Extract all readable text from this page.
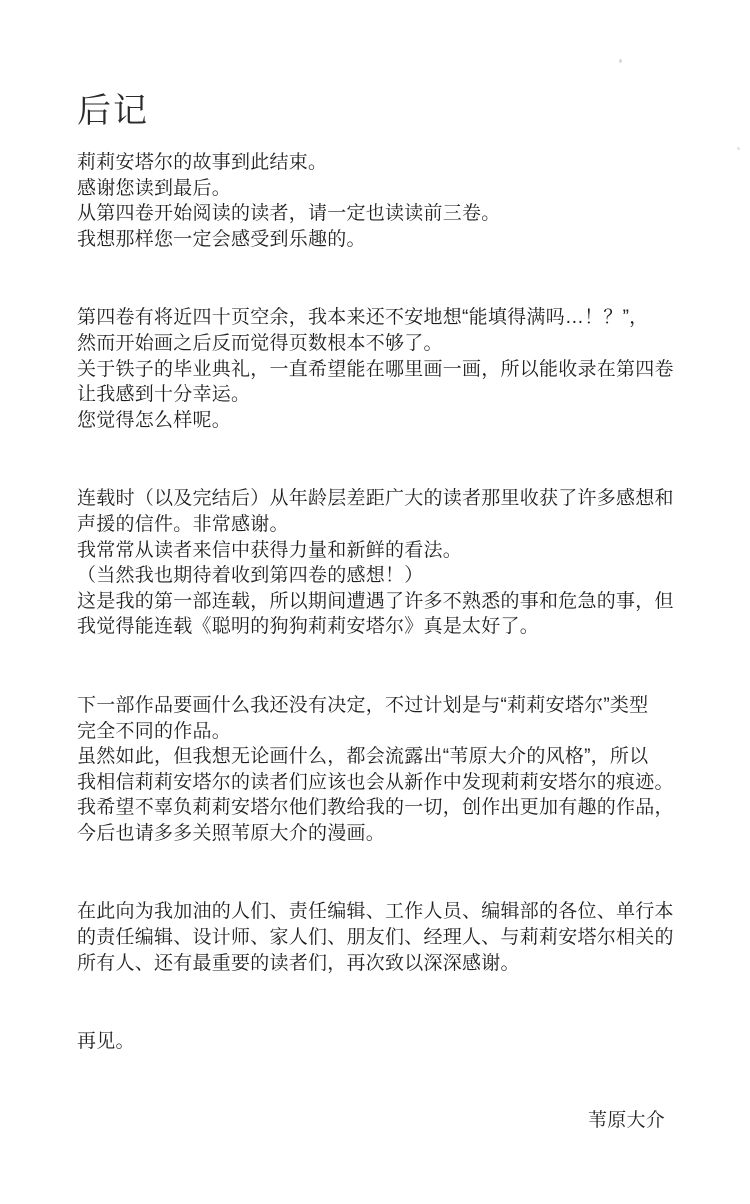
后记
莉莉安塔尔的故事到此结束。
感谢您读到最后。
从第四卷开始阅读的读者，请一定也读读前三卷。
我想那样您一定会感受到乐趣的。
第四卷有将近四十页空余，我本来还不安地想“能填得满吗…！？”，
然而开始画之后反而觉得页数根本不够了。
关于铁子的毕业典礼，一直希望能在哪里画一画，所以能收录在第四卷
让我感到十分幸运。
您觉得怎么样呢。
连载时（以及完结后）从年龄层差距广大的读者那里收获了许多感想和
声援的信件。非常感谢。
我常常从读者来信中获得力量和新鲜的看法。
（当然我也期待着收到第四卷的感想！）
这是我的第一部连载，所以期间遭遇了许多不熟悉的事和危急的事，但
我觉得能连载《聪明的狗狗莉莉安塔尔》真是太好了。
下一部作品要画什么我还没有决定，不过计划是与“莉莉安塔尔”类型
完全不同的作品。
虽然如此，但我想无论画什么，都会流露出“苇原大介的风格”，所以
我相信莉莉安塔尔的读者们应该也会从新作中发现莉莉安塔尔的痕迹。
我希望不辜负莉莉安塔尔他们教给我的一切，创作出更加有趣的作品，
今后也请多多关照苇原大介的漫画。
在此向为我加油的人们、责任编辑、工作人员、编辑部的各位、单行本
的责任编辑、设计师、家人们、朋友们、经理人、与莉莉安塔尔相关的
所有人、还有最重要的读者们，再次致以深深感谢。
再见。
苇原大介
